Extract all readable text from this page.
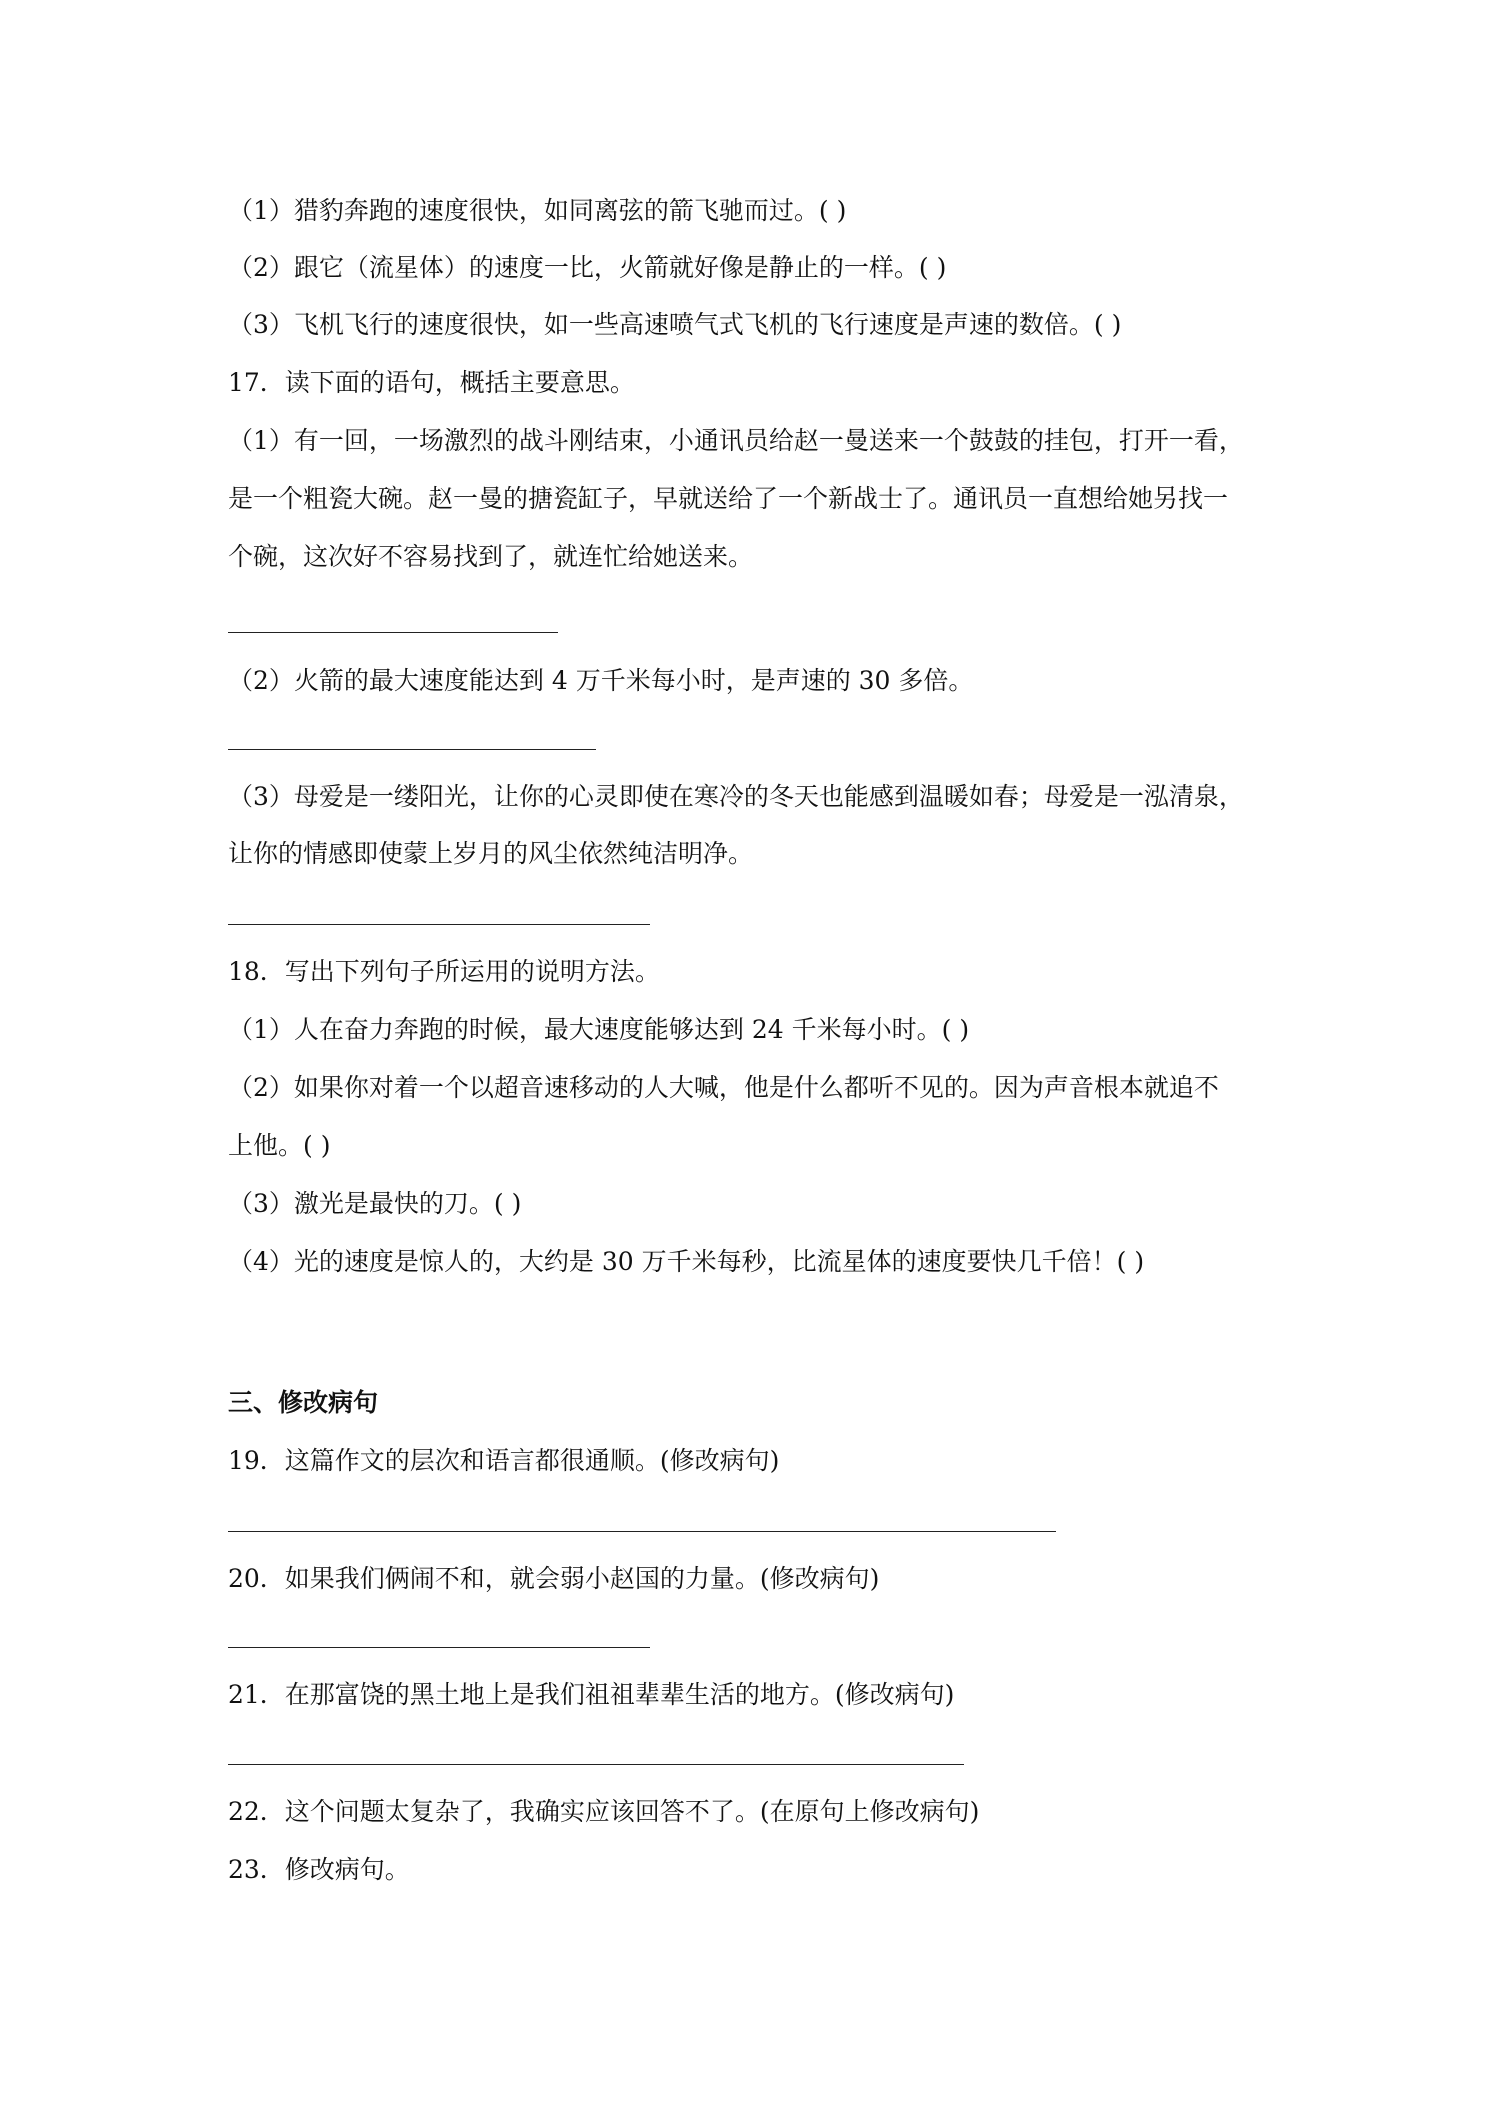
（1）猎豹奔跑的速度很快，如同离弦的箭飞驰而过。( )
（2）跟它（流星体）的速度一比，火箭就好像是静止的一样。( )
（3）飞机飞行的速度很快，如一些高速喷气式飞机的飞行速度是声速的数倍。( )
17．读下面的语句，概括主要意思。
（1）有一回，一场激烈的战斗刚结束，小通讯员给赵一曼送来一个鼓鼓的挂包，打开一看，
是一个粗瓷大碗。赵一曼的搪瓷缸子，早就送给了一个新战士了。通讯员一直想给她另找一
个碗，这次好不容易找到了，就连忙给她送来。
（2）火箭的最大速度能达到 4 万千米每小时，是声速的 30 多倍。
（3）母爱是一缕阳光，让你的心灵即使在寒冷的冬天也能感到温暖如春；母爱是一泓清泉，
让你的情感即使蒙上岁月的风尘依然纯洁明净。
18．写出下列句子所运用的说明方法。
（1）人在奋力奔跑的时候，最大速度能够达到 24 千米每小时。( )
（2）如果你对着一个以超音速移动的人大喊，他是什么都听不见的。因为声音根本就追不
上他。( )
（3）激光是最快的刀。( )
（4）光的速度是惊人的，大约是 30 万千米每秒，比流星体的速度要快几千倍！( )
三、修改病句
19．这篇作文的层次和语言都很通顺。(修改病句)
20．如果我们俩闹不和，就会弱小赵国的力量。(修改病句)
21．在那富饶的黑土地上是我们祖祖辈辈生活的地方。(修改病句)
22．这个问题太复杂了，我确实应该回答不了。(在原句上修改病句)
23．修改病句。
